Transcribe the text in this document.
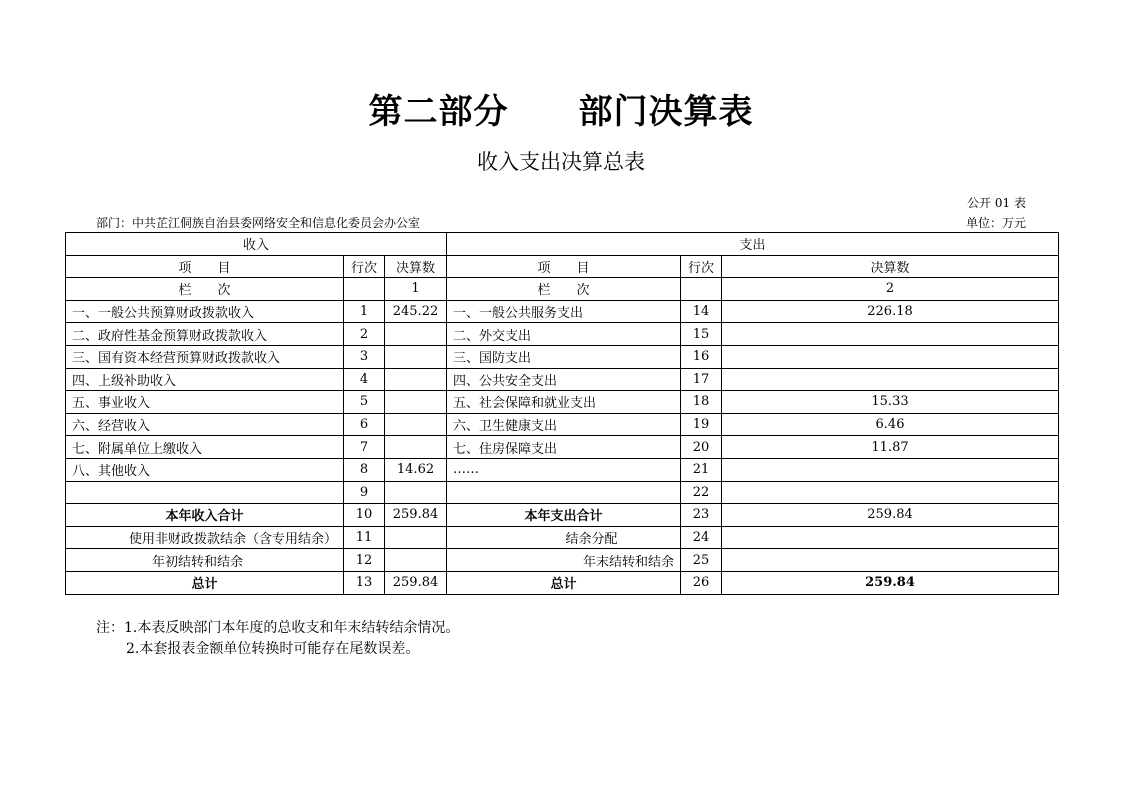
第二部分 部门决算表
收入支出决算总表
公开 01 表
部门：中共芷江侗族自治县委网络安全和信息化委员会办公室	单位：万元
收入			支出		
项　　目	行次	决算数	项　　目	行次	决算数
栏　　次		1	栏　　次		2
一、一般公共预算财政拨款收入	1	245.22	一、一般公共服务支出	14	226.18
二、政府性基金预算财政拨款收入	2		二、外交支出	15	
三、国有资本经营预算财政拨款收入	3		三、国防支出	16	
四、上级补助收入	4		四、公共安全支出	17	
五、事业收入	5		五、社会保障和就业支出	18	15.33
六、经营收入	6		六、卫生健康支出	19	6.46
七、附属单位上缴收入	7		七、住房保障支出	20	11.87
八、其他收入	8	14.62	……	21	
	9			22	
本年收入合计	10	259.84	本年支出合计	23	259.84
使用非财政拨款结余（含专用结余）	11		结余分配	24	
年初结转和结余	12		年末结转和结余	25	
总计	13	259.84	总计	26	259.84
注：1.本表反映部门本年度的总收支和年末结转结余情况。
2.本套报表金额单位转换时可能存在尾数误差。
